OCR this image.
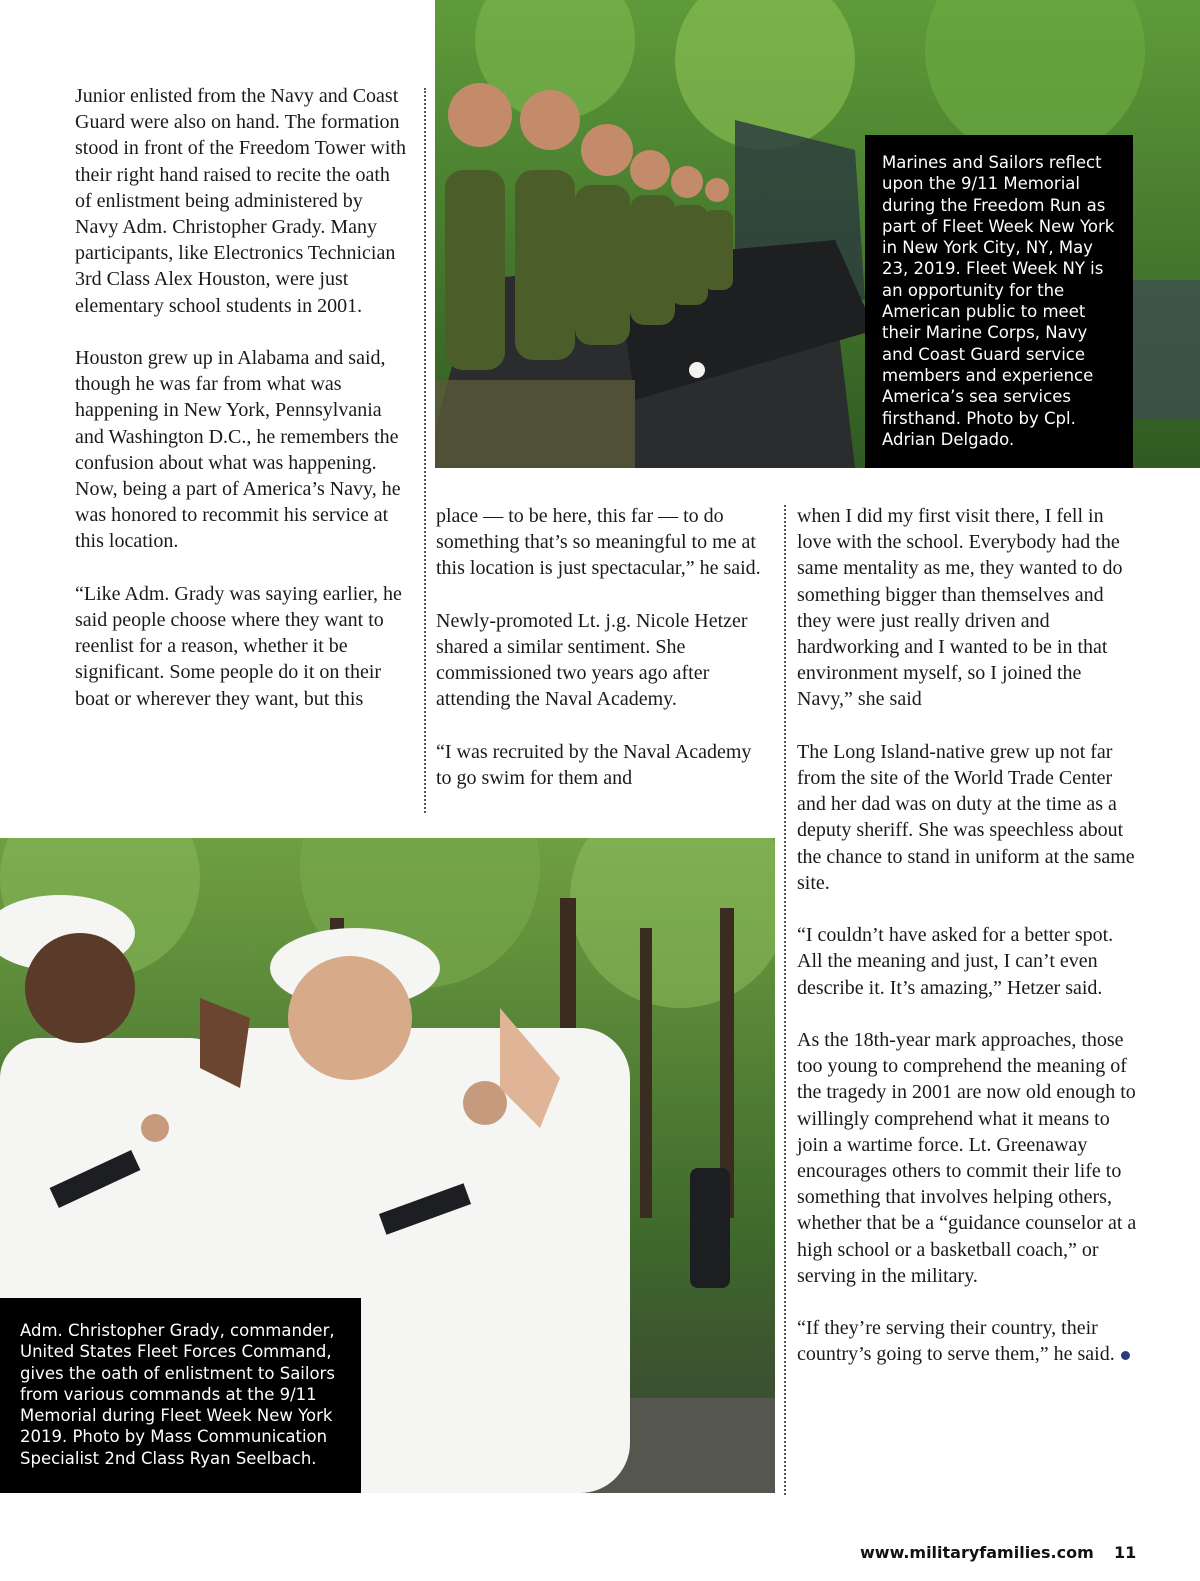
Marines and Sailors reflect upon the 9/11 Memorial during the Freedom Run as part of Fleet Week New York in New York City, NY, May 23, 2019. Fleet Week NY is an opportunity for the American public to meet their Marine Corps, Navy and Coast Guard service members and experience America’s sea services firsthand. Photo by Cpl. Adrian Delgado.

Junior enlisted from the Navy and Coast Guard were also on hand. The formation stood in front of the Freedom Tower with their right hand raised to recite the oath of enlistment being administered by Navy Adm. Christopher Grady. Many participants, like Electronics Technician 3rd Class Alex Houston, were just elementary school students in 2001.

Houston grew up in Alabama and said, though he was far from what was happening in New York, Pennsylvania and Washington D.C., he remembers the confusion about what was happening. Now, being a part of America’s Navy, he was honored to recommit his service at this location.

“Like Adm. Grady was saying earlier, he said people choose where they want to reenlist for a reason, whether it be significant. Some people do it on their boat or wherever they want, but this

place — to be here, this far — to do something that’s so meaningful to me at this location is just spectacular,” he said.

Newly-promoted Lt. j.g. Nicole Hetzer shared a similar sentiment. She commissioned two years ago after attending the Naval Academy.

“I was recruited by the Naval Academy to go swim for them and

when I did my first visit there, I fell in love with the school. Everybody had the same mentality as me, they wanted to do something bigger than themselves and they were just really driven and hardworking and I wanted to be in that environment myself, so I joined the Navy,” she said

The Long Island-native grew up not far from the site of the World Trade Center and her dad was on duty at the time as a deputy sheriff. She was speechless about the chance to stand in uniform at the same site.

“I couldn’t have asked for a better spot. All the meaning and just, I can’t even describe it. It’s amazing,” Hetzer said.

As the 18th-year mark approaches, those too young to comprehend the meaning of the tragedy in 2001 are now old enough to willingly comprehend what it means to join a wartime force. Lt. Greenaway encourages others to commit their life to something that involves helping others, whether that be a “guidance counselor at a high school or a basketball coach,” or serving in the military.

“If they’re serving their country, their country’s going to serve them,” he said.

Adm. Christopher Grady, commander, United States Fleet Forces Command, gives the oath of enlistment to Sailors from various commands at the 9/11 Memorial during Fleet Week New York 2019. Photo by Mass Communication Specialist 2nd Class Ryan Seelbach.
www.militaryfamilies.com 11
